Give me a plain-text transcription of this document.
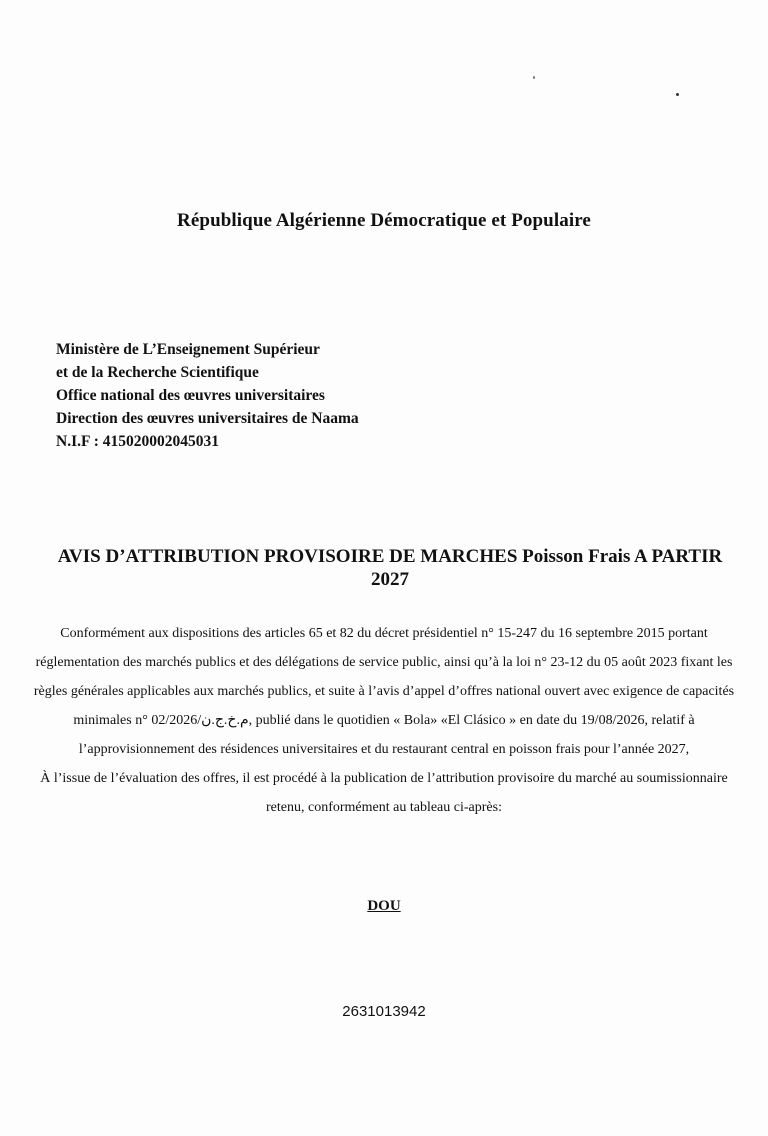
République Algérienne Démocratique et Populaire
Ministère de L’Enseignement Supérieur
et de la Recherche Scientifique
Office national des œuvres universitaires
Direction des œuvres universitaires de Naama
N.I.F : 415020002045031
AVIS D’ATTRIBUTION PROVISOIRE DE MARCHES Poisson Frais A PARTIR 2027

Conformément aux dispositions des articles 65 et 82 du décret présidentiel n° 15-247 du 16 septembre 2015 portant réglementation des marchés publics et des délégations de service public, ainsi qu’à la loi n° 23-12 du 05 août 2023 fixant les règles générales applicables aux marchés publics, et suite à l’avis d’appel d’offres national ouvert avec exigence de capacités minimales n° 02/2026/م.خ.ج.ن, publié dans le quotidien « Bola» «El Clásico » en date du 19/08/2026, relatif à l’approvisionnement des résidences universitaires et du restaurant central en poisson frais pour l’année 2027,

À l’issue de l’évaluation des offres, il est procédé à la publication de l’attribution provisoire du marché au soumissionnaire retenu, conformément au tableau ci-après:

DOU
2631013942
